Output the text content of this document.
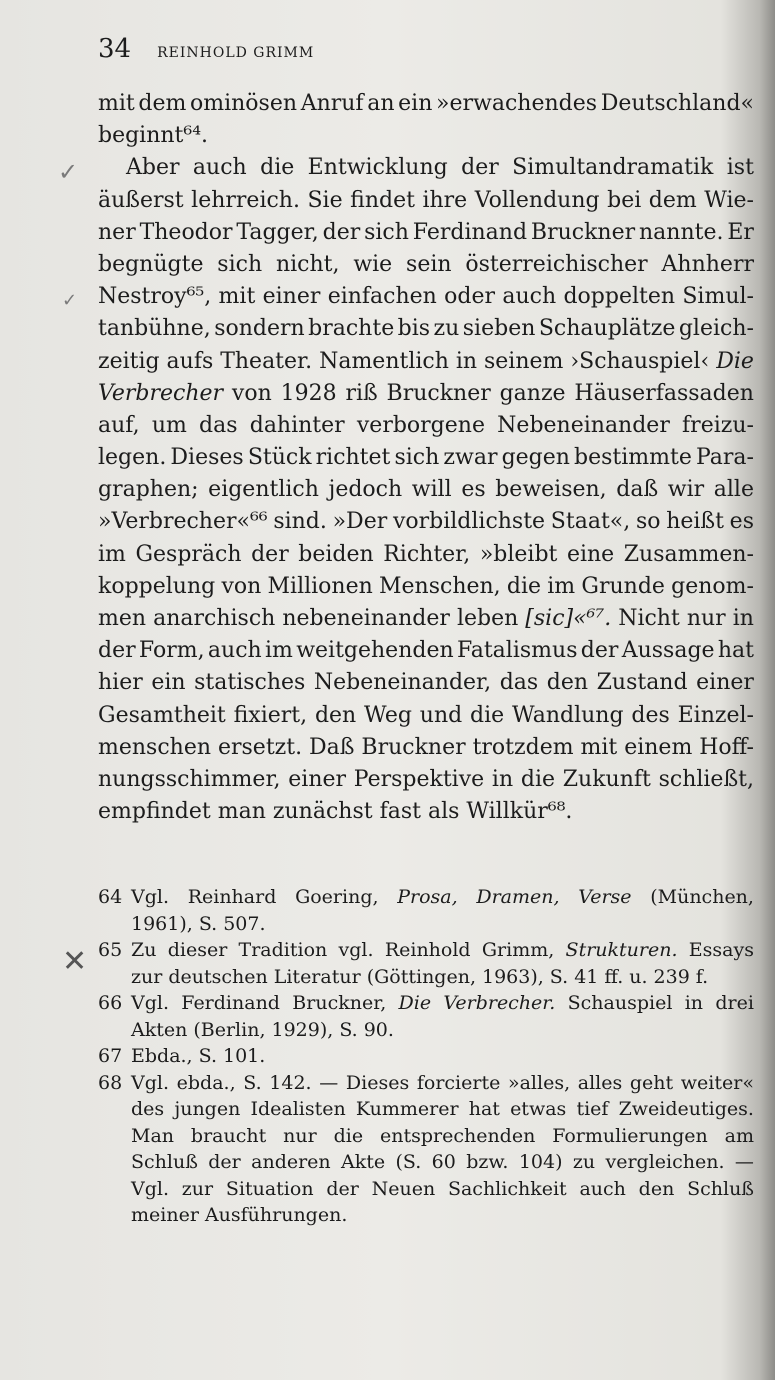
34 REINHOLD GRIMM
✓
✓
✕
mit dem ominösen Anruf an ein »erwachendes Deutschland«
beginnt⁶⁴.
Aber auch die Entwicklung der Simultandramatik ist
äußerst lehrreich. Sie findet ihre Vollendung bei dem Wie-
ner Theodor Tagger, der sich Ferdinand Bruckner nannte. Er
begnügte sich nicht, wie sein österreichischer Ahnherr
Nestroy⁶⁵, mit einer einfachen oder auch doppelten Simul-
tanbühne, sondern brachte bis zu sieben Schauplätze gleich-
zeitig aufs Theater. Namentlich in seinem ›Schauspiel‹ Die
Verbrecher von 1928 riß Bruckner ganze Häuserfassaden
auf, um das dahinter verborgene Nebeneinander freizu-
legen. Dieses Stück richtet sich zwar gegen bestimmte Para-
graphen; eigentlich jedoch will es beweisen, daß wir alle
»Verbrecher«⁶⁶ sind. »Der vorbildlichste Staat«, so heißt es
im Gespräch der beiden Richter, »bleibt eine Zusammen-
koppelung von Millionen Menschen, die im Grunde genom-
men anarchisch nebeneinander leben [sic]«⁶⁷. Nicht nur in
der Form, auch im weitgehenden Fatalismus der Aussage hat
hier ein statisches Nebeneinander, das den Zustand einer
Gesamtheit fixiert, den Weg und die Wandlung des Einzel-
menschen ersetzt. Daß Bruckner trotzdem mit einem Hoff-
nungsschimmer, einer Perspektive in die Zukunft schließt,
empfindet man zunächst fast als Willkür⁶⁸.
64 Vgl. Reinhard Goering, Prosa, Dramen, Verse (München,
1961), S. 507.
65 Zu dieser Tradition vgl. Reinhold Grimm, Strukturen. Essays
zur deutschen Literatur (Göttingen, 1963), S. 41 ff. u. 239 f.
66 Vgl. Ferdinand Bruckner, Die Verbrecher. Schauspiel in drei
Akten (Berlin, 1929), S. 90.
67 Ebda., S. 101.
68 Vgl. ebda., S. 142. — Dieses forcierte »alles, alles geht weiter«
des jungen Idealisten Kummerer hat etwas tief Zweideutiges.
Man braucht nur die entsprechenden Formulierungen am
Schluß der anderen Akte (S. 60 bzw. 104) zu vergleichen. —
Vgl. zur Situation der Neuen Sachlichkeit auch den Schluß
meiner Ausführungen.
